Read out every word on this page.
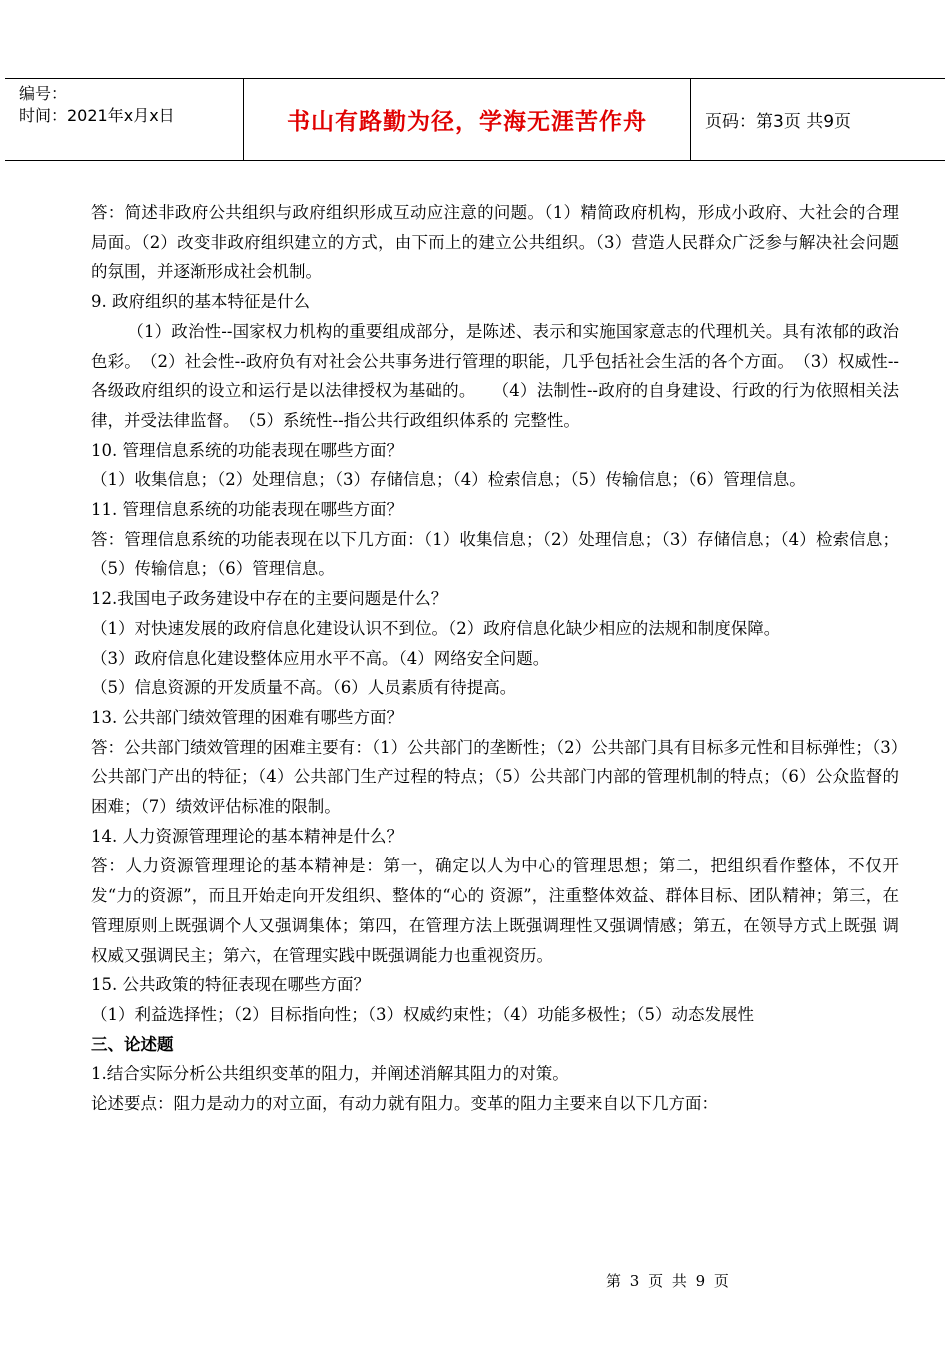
编号：
时间：2021年x月x日	书山有路勤为径，学海无涯苦作舟	页码：第3页 共9页

答：简述非政府公共组织与政府组织形成互动应注意的问题。（1）精简政府机构，形成小政府、大社会的合理局面。（2）改变非政府组织建立的方式，由下而上的建立公共组织。（3）营造人民群众广泛参与解决社会问题的氛围，并逐渐形成社会机制。

9. 政府组织的基本特征是什么

（1）政治性--国家权力机构的重要组成部分，是陈述、表示和实施国家意志的代理机关。具有浓郁的政治色彩。　（2）社会性--政府负有对社会公共事务进行管理的职能，几乎包括社会生活的各个方面。　（3）权威性--各级政府组织的设立和运行是以法律授权为基础的。　　（4）法制性--政府的自身建设、行政的行为依照相关法律，并受法律监督。　（5）系统性--指公共行政组织体系的 完整性。

10. 管理信息系统的功能表现在哪些方面？

（1）收集信息；（2）处理信息；（3）存储信息；（4）检索信息；（5）传输信息；（6）管理信息。

11. 管理信息系统的功能表现在哪些方面？

答：管理信息系统的功能表现在以下几方面：（1）收集信息；（2）处理信息；（3）存储信息；（4）检索信息；（5）传输信息；（6）管理信息。

12.我国电子政务建设中存在的主要问题是什么？

（1）对快速发展的政府信息化建设认识不到位。（2）政府信息化缺少相应的法规和制度保障。

（3）政府信息化建设整体应用水平不高。（4）网络安全问题。

（5）信息资源的开发质量不高。（6）人员素质有待提高。

13. 公共部门绩效管理的困难有哪些方面？

答：公共部门绩效管理的困难主要有：（1）公共部门的垄断性；（2）公共部门具有目标多元性和目标弹性；（3）公共部门产出的特征；（4）公共部门生产过程的特点；（5）公共部门内部的管理机制的特点；（6）公众监督的困难；（7）绩效评估标准的限制。

14. 人力资源管理理论的基本精神是什么？

答：人力资源管理理论的基本精神是：第一，确定以人为中心的管理思想；第二，把组织看作整体，不仅开发“力的资源”，而且开始走向开发组织、整体的“心的 资源”，注重整体效益、群体目标、团队精神；第三，在管理原则上既强调个人又强调集体；第四，在管理方法上既强调理性又强调情感；第五，在领导方式上既强 调权威又强调民主；第六，在管理实践中既强调能力也重视资历。

15. 公共政策的特征表现在哪些方面？

（1）利益选择性；（2）目标指向性；（3）权威约束性；（4）功能多极性；（5）动态发展性

三、论述题

1.结合实际分析公共组织变革的阻力，并阐述消解其阻力的对策。

论述要点：阻力是动力的对立面，有动力就有阻力。变革的阻力主要来自以下几方面：

第 3 页 共 9 页
